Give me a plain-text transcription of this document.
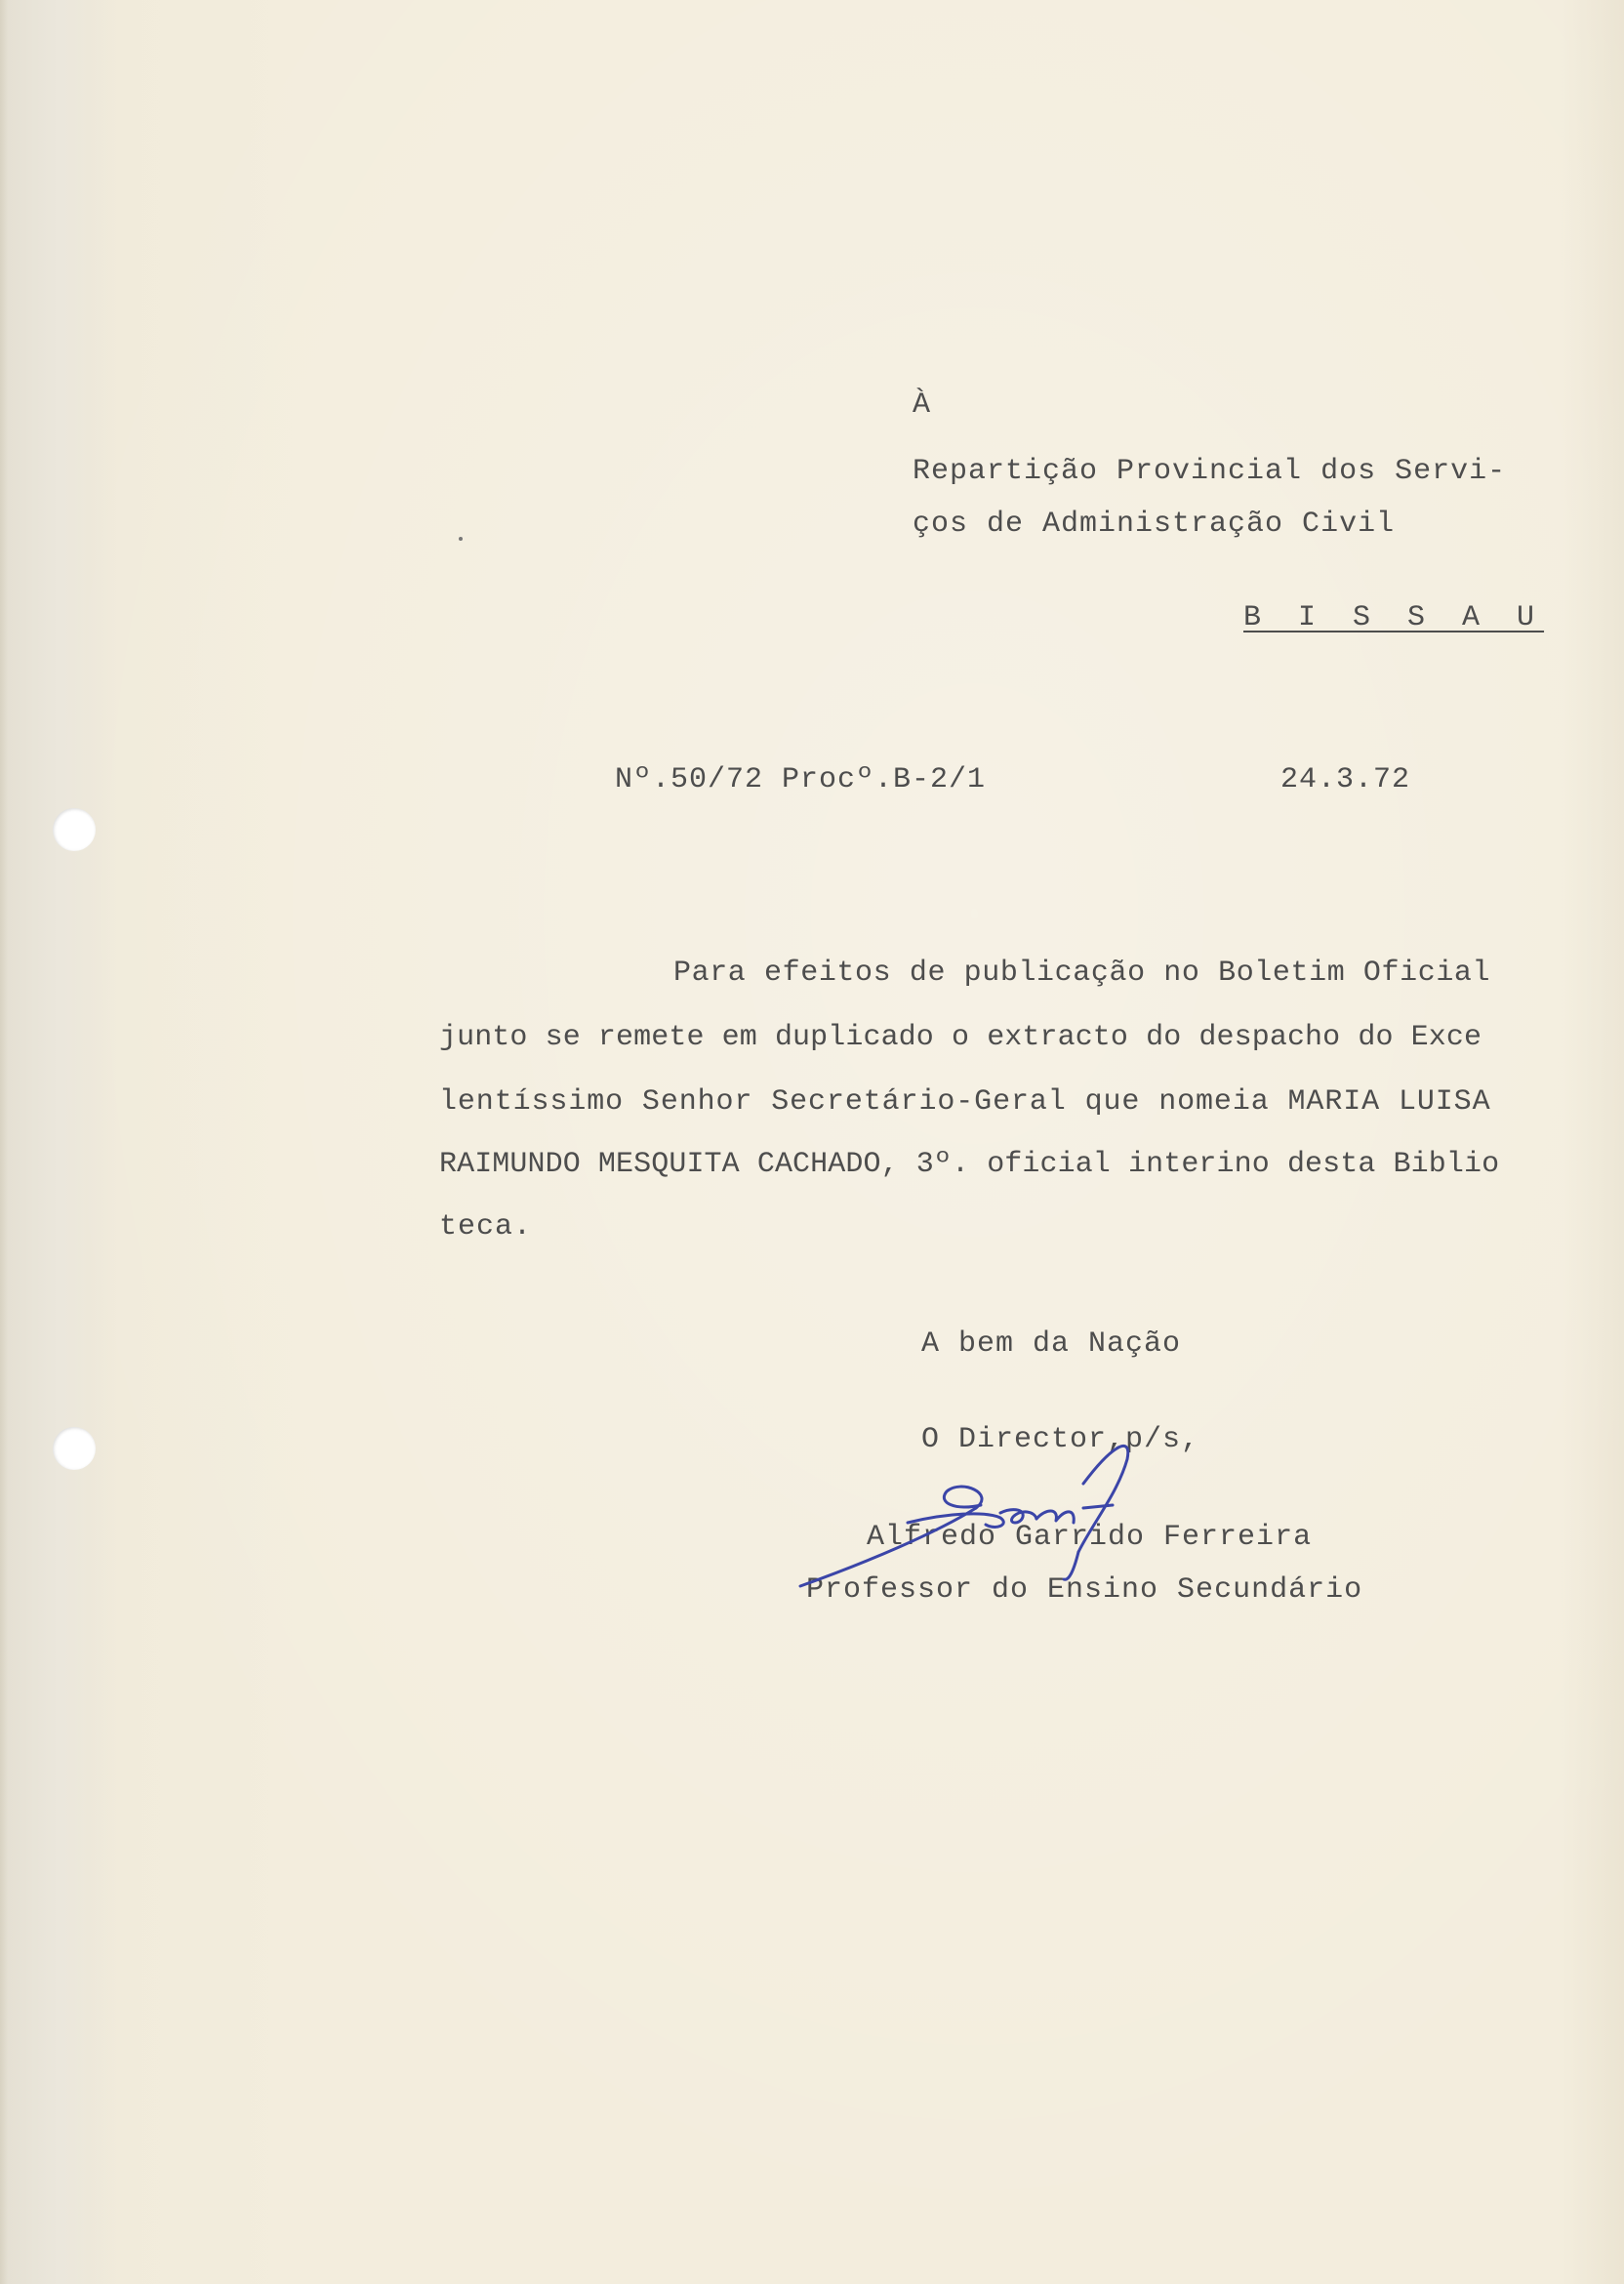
À
Repartição Provincial dos Servi-
ços de Administração Civil
B I S S A U
Nº.50/72 Procº.B-2/1	24.3.72
Para efeitos de publicação no Boletim Oficial
junto se remete em duplicado o extracto do despacho do Exce
lentíssimo Senhor Secretário-Geral que nomeia MARIA LUISA
RAIMUNDO MESQUITA CACHADO, 3º. oficial interino desta Biblio
teca.
A bem da Nação
O Director,p/s,
Alfredo Garrido Ferreira
Professor do Ensino Secundário
